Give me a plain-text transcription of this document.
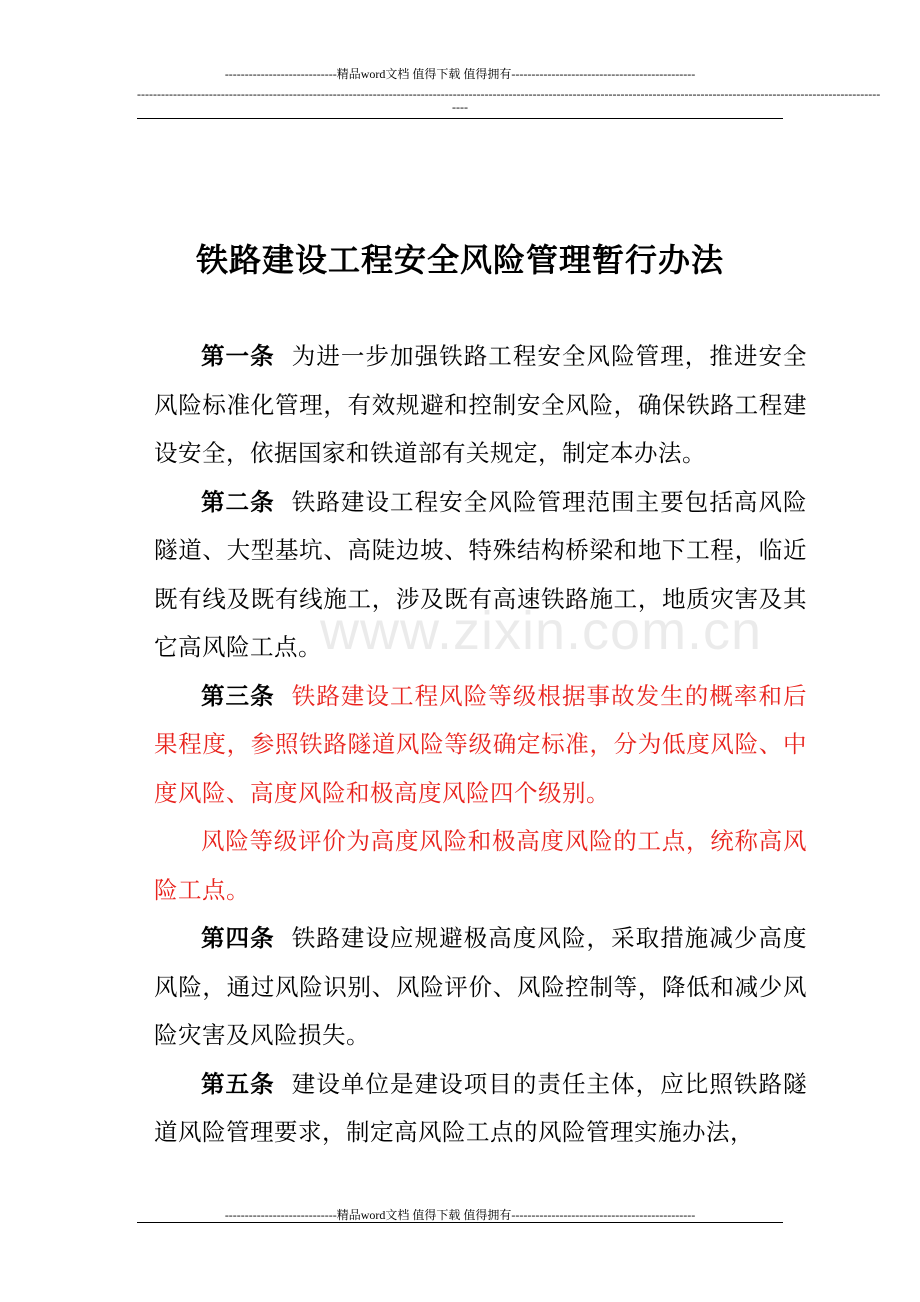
----------------------------精品word文档 值得下载 值得拥有----------------------------------------------
------------------------------------------------------------------------------------------------------------------------------------------------------------------------------------------
----
www.zixin.com.cn
铁路建设工程安全风险管理暂行办法

第一条 为进一步加强铁路工程安全风险管理，推进安全风险标准化管理，有效规避和控制安全风险，确保铁路工程建设安全，依据国家和铁道部有关规定，制定本办法。

第二条 铁路建设工程安全风险管理范围主要包括高风险隧道、大型基坑、高陡边坡、特殊结构桥梁和地下工程，临近既有线及既有线施工，涉及既有高速铁路施工，地质灾害及其它高风险工点。

第三条 铁路建设工程风险等级根据事故发生的概率和后果程度，参照铁路隧道风险等级确定标准，分为低度风险、中度风险、高度风险和极高度风险四个级别。

风险等级评价为高度风险和极高度风险的工点，统称高风险工点。

第四条 铁路建设应规避极高度风险，采取措施减少高度风险，通过风险识别、风险评价、风险控制等，降低和减少风险灾害及风险损失。

第五条  建设单位是建设项目的责任主体，应比照铁路隧道风险管理要求，制定高风险工点的风险管理实施办法，

----------------------------精品word文档 值得下载 值得拥有----------------------------------------------
